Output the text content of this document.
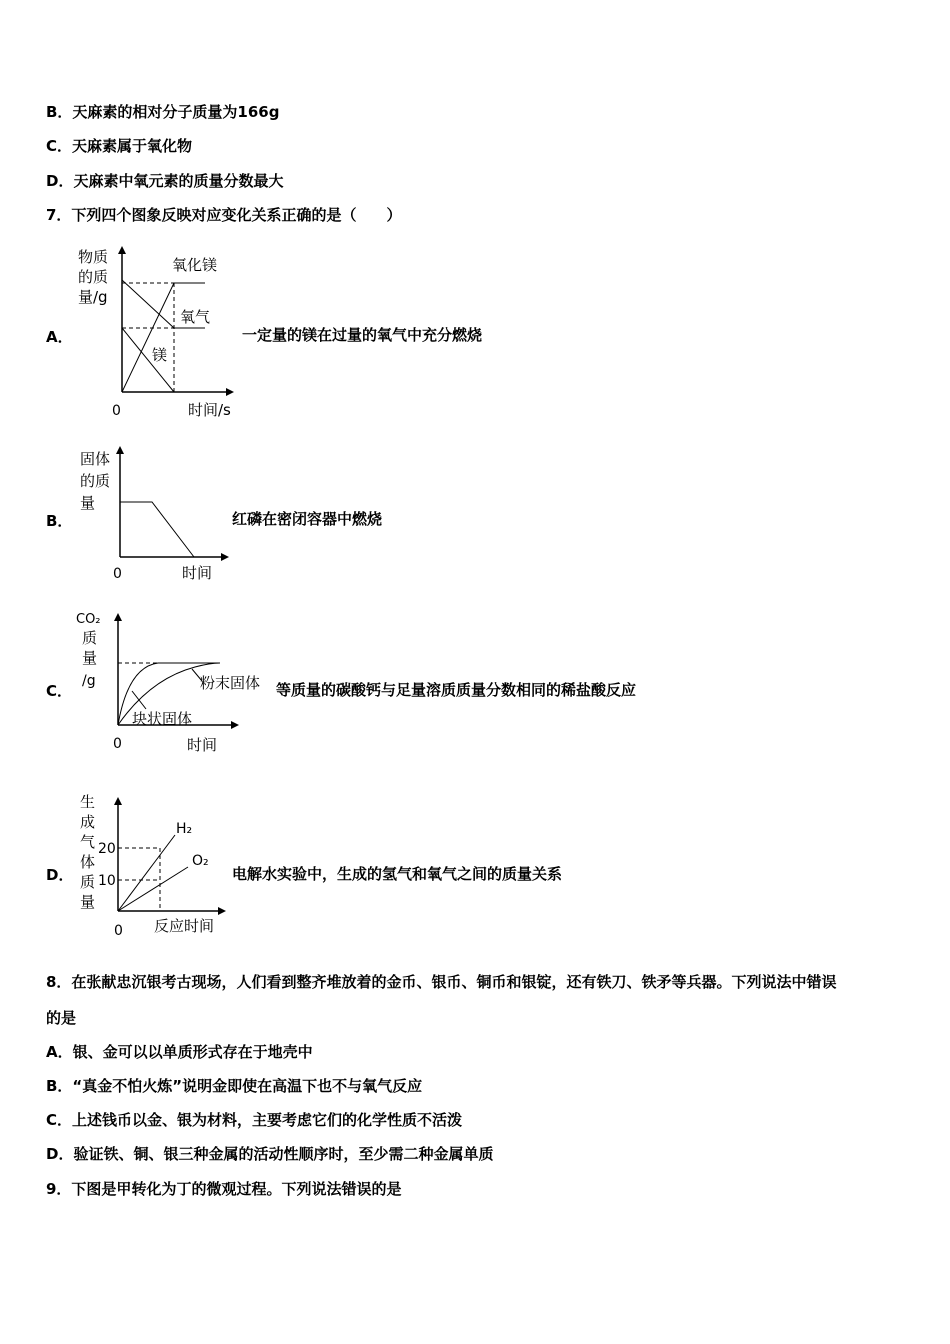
B．天麻素的相对分子质量为166g
C．天麻素属于氧化物
D．天麻素中氧元素的质量分数最大
7．下列四个图象反映对应变化关系正确的是（　　）
A．
物质
的质
量/g
氧化镁
氧气
镁
0	时间/s
一定量的镁在过量的氧气中充分燃烧
B．
固体
的质
量
0	时间
红磷在密闭容器中燃烧
C．
CO₂
质
量
/g	粉末固体
块状固体
0	时间
等质量的碳酸钙与足量溶质质量分数相同的稀盐酸反应
D．
生
成
气
体
质
量
20
10
H₂
O₂
0 反应时间
电解水实验中，生成的氢气和氧气之间的质量关系
8．在张献忠沉银考古现场，人们看到整齐堆放着的金币、银币、铜币和银锭，还有铁刀、铁矛等兵器。下列说法中错误
的是
A．银、金可以以单质形式存在于地壳中
B．“真金不怕火炼”说明金即使在高温下也不与氧气反应
C．上述钱币以金、银为材料，主要考虑它们的化学性质不活泼
D．验证铁、铜、银三种金属的活动性顺序时，至少需二种金属单质
9．下图是甲转化为丁的微观过程。下列说法错误的是
